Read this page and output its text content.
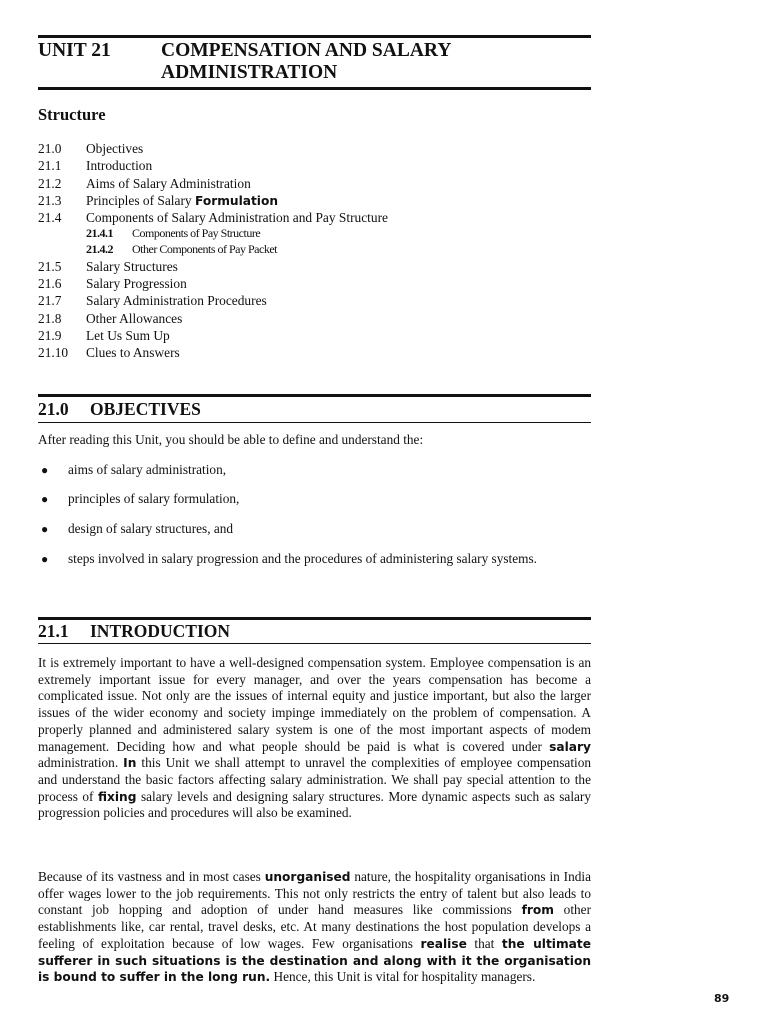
UNIT 21	COMPENSATION AND SALARY
ADMINISTRATION
Structure
21.0 Objectives
21.1 Introduction
21.2 Aims of Salary Administration
21.3 Principles of Salary Formulation
21.4 Components of Salary Administration and Pay Structure
21.4.1 Components of Pay Structure
21.4.2 Other Components of Pay Packet
21.5 Salary Structures
21.6 Salary Progression
21.7 Salary Administration Procedures
21.8 Other Allowances
21.9 Let Us Sum Up
21.10 Clues to Answers
21.0 OBJECTIVES

After reading this Unit, you should be able to define and understand the:

● aims of salary administration,
● principles of salary formulation,
● design of salary structures, and
● steps involved in salary progression and the procedures of administering salary systems.
21.1 INTRODUCTION

It is extremely important to have a well-designed compensation system. Employee compensation is an extremely important issue for every manager, and over the years compensation has become a complicated issue. Not only are the issues of internal equity and justice important, but also the larger issues of the wider economy and society impinge immediately on the problem of compensation. A properly planned and administered salary system is one of the most important aspects of modem management. Deciding how and what people should be paid is what is covered under salary administration. In this Unit we shall attempt to unravel the complexities of employee compensation and understand the basic factors affecting salary administration. We shall pay special attention to the process of fixing salary levels and designing salary structures. More dynamic aspects such as salary progression policies and procedures will also be examined.

Because of its vastness and in most cases unorganised nature, the hospitality organisations in India offer wages lower to the job requirements. This not only restricts the entry of talent but also leads to constant job hopping and adoption of under hand measures like commissions from other establishments like, car rental, travel desks, etc. At many destinations the host population develops a feeling of exploitation because of low wages. Few organisations realise that the ultimate sufferer in such situations is the destination and along with it the organisation is bound to suffer in the long run. Hence, this Unit is vital for hospitality managers.

89
